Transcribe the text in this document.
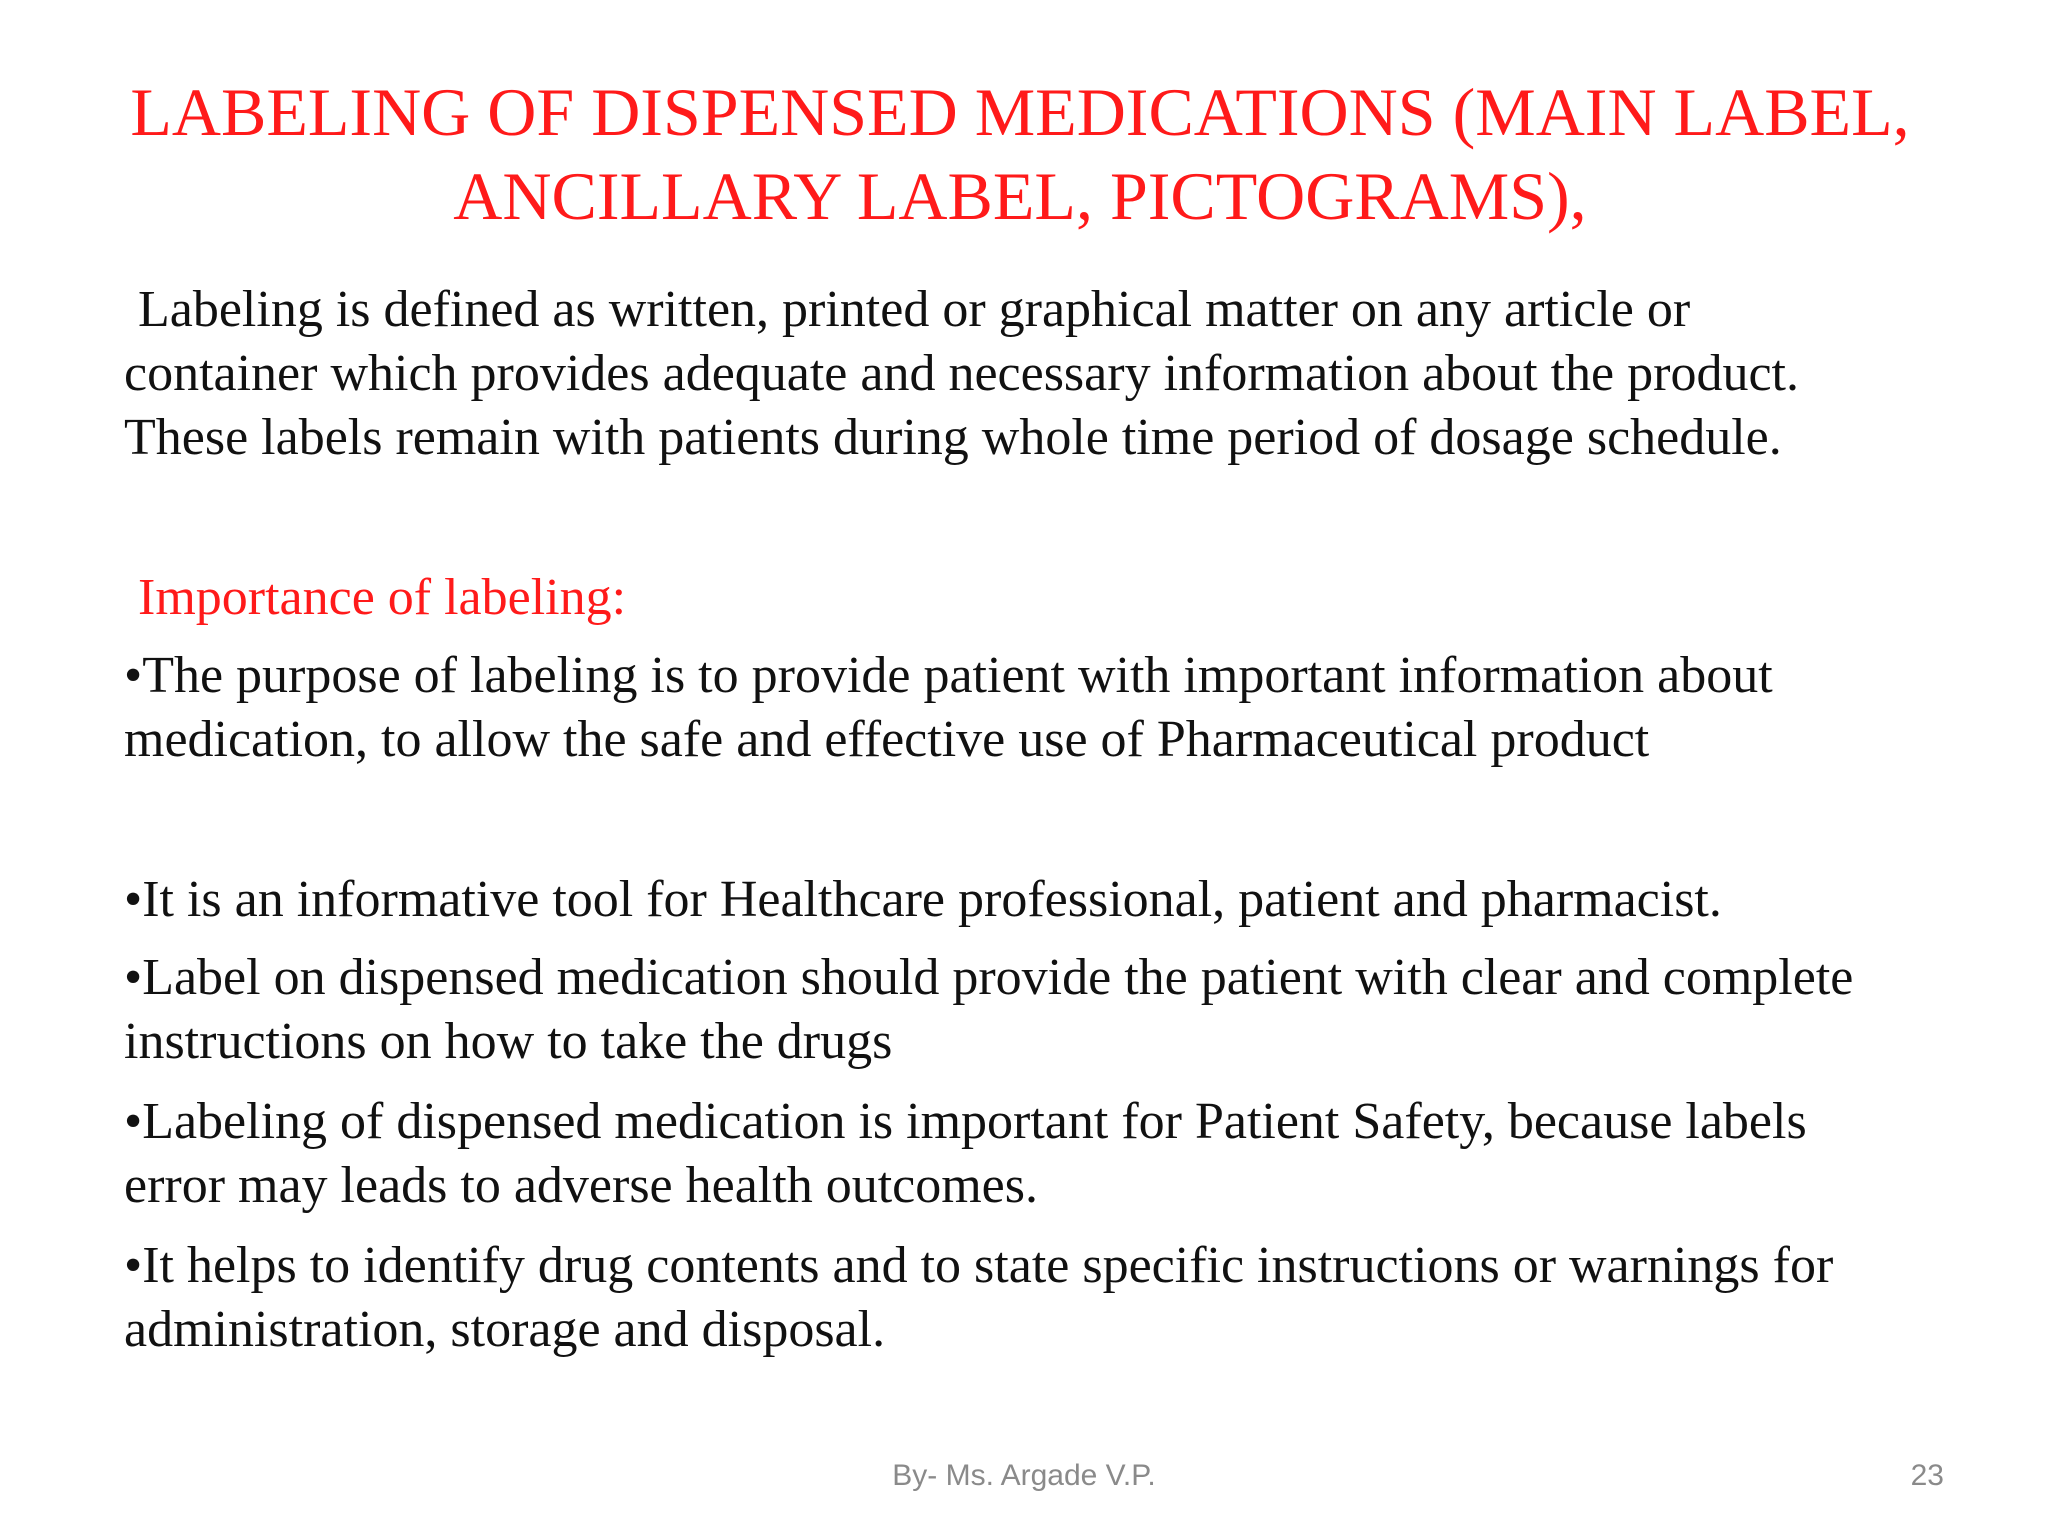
LABELING OF DISPENSED MEDICATIONS (MAIN LABEL,
ANCILLARY LABEL, PICTOGRAMS),

Labeling is defined as written, printed or graphical matter on any article or
container which provides adequate and necessary information about the product.
These labels remain with patients during whole time period of dosage schedule.

Importance of labeling:

•The purpose of labeling is to provide patient with important information about
medication, to allow the safe and effective use of Pharmaceutical product

•It is an informative tool for Healthcare professional, patient and pharmacist.

•Label on dispensed medication should provide the patient with clear and complete
instructions on how to take the drugs

•Labeling of dispensed medication is important for Patient Safety, because labels
error may leads to adverse health outcomes.

•It helps to identify drug contents and to state specific instructions or warnings for
administration, storage and disposal.

By- Ms. Argade V.P.	23
